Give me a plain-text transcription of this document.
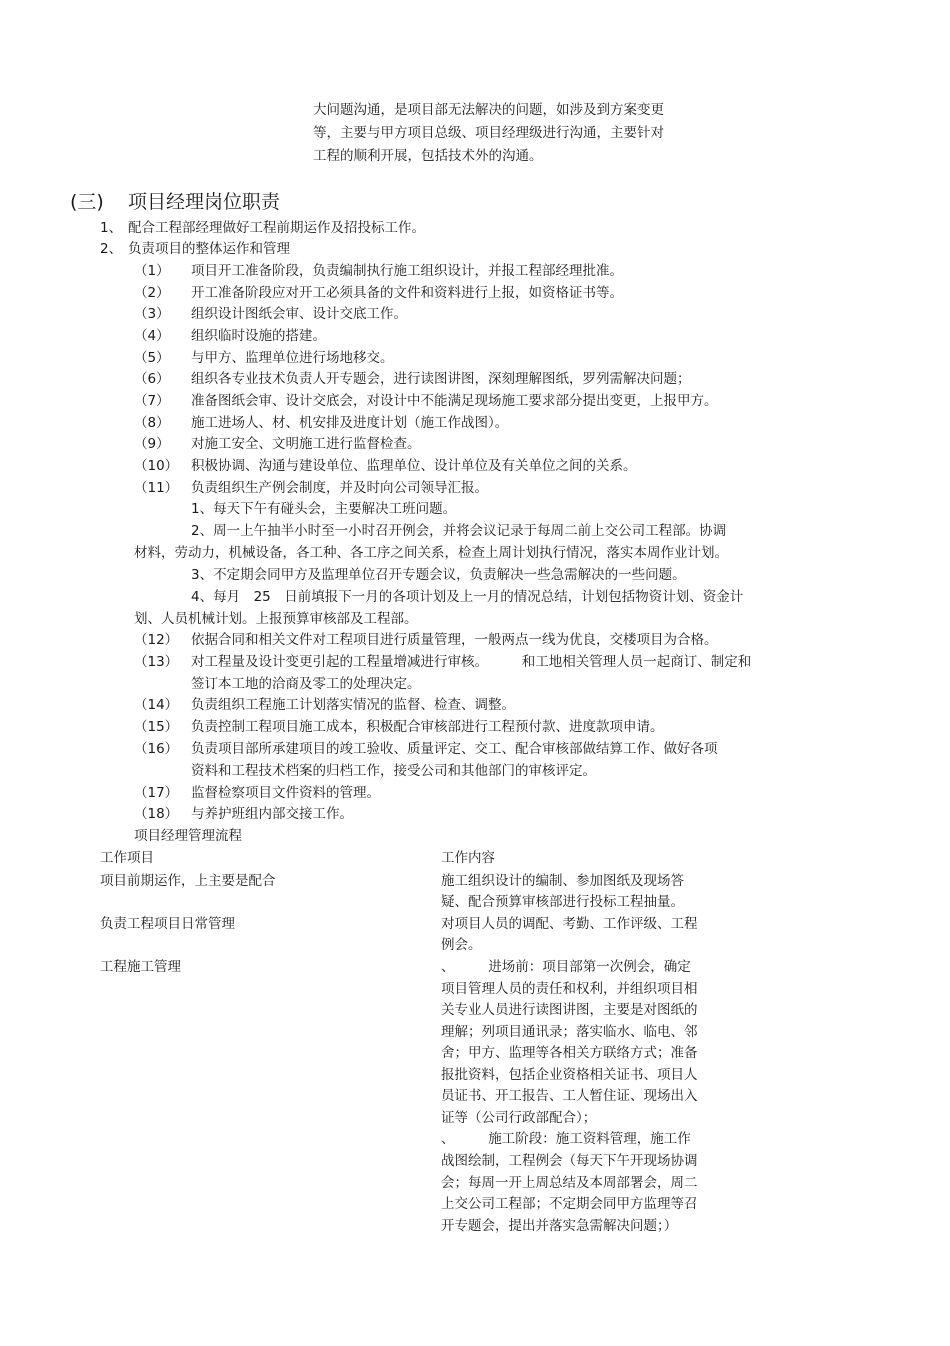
大问题沟通，是项目部无法解决的问题，如涉及到方案变更
等，主要与甲方项目总级、项目经理级进行沟通，主要针对
工程的顺利开展，包括技术外的沟通。
(三) 项目经理岗位职责
1、 配合工程部经理做好工程前期运作及招投标工作。
2、 负责项目的整体运作和管理
（1） 项目开工准备阶段，负责编制执行施工组织设计，并报工程部经理批准。
（2） 开工准备阶段应对开工必须具备的文件和资料进行上报，如资格证书等。
（3） 组织设计图纸会审、设计交底工作。
（4） 组织临时设施的搭建。
（5） 与甲方、监理单位进行场地移交。
（6） 组织各专业技术负责人开专题会，进行读图讲图，深刻理解图纸，罗列需解决问题；
（7） 准备图纸会审、设计交底会，对设计中不能满足现场施工要求部分提出变更，上报甲方。
（8） 施工进场人、材、机安排及进度计划（施工作战图）。
（9） 对施工安全、文明施工进行监督检查。
（10） 积极协调、沟通与建设单位、监理单位、设计单位及有关单位之间的关系。
（11） 负责组织生产例会制度，并及时向公司领导汇报。
1、每天下午有碰头会，主要解决工班问题。
2、周一上午抽半小时至一小时召开例会，并将会议记录于每周二前上交公司工程部。协调
材料，劳动力，机械设备，各工种、各工序之间关系，检查上周计划执行情况，落实本周作业计划。
3、不定期会同甲方及监理单位召开专题会议，负责解决一些急需解决的一些问题。
4、每月　25　日前填报下一月的各项计划及上一月的情况总结，计划包括物资计划、资金计
划、人员机械计划。上报预算审核部及工程部。
（12） 依据合同和相关文件对工程项目进行质量管理，一般两点一线为优良，交楼项目为合格。
（13） 对工程量及设计变更引起的工程量增减进行审核。　　　和工地相关管理人员一起商订、制定和
签订本工地的洽商及零工的处理决定。
（14） 负责组织工程施工计划落实情况的监督、检查、调整。
（15） 负责控制工程项目施工成本，积极配合审核部进行工程预付款、进度款项申请。
（16） 负责项目部所承建项目的竣工验收、质量评定、交工、配合审核部做结算工作、做好各项
资料和工程技术档案的归档工作，接受公司和其他部门的审核评定。
（17） 监督检察项目文件资料的管理。
（18） 与养护班组内部交接工作。
项目经理管理流程
工作项目	工作内容
项目前期运作，上主要是配合	施工组织设计的编制、参加图纸及现场答
疑、配合预算审核部进行投标工程抽量。
负责工程项目日常管理	对项目人员的调配、考勤、工作评级、工程
例会。
工程施工管理	、　　　进场前：项目部第一次例会，确定
项目管理人员的责任和权利，并组织项目相
关专业人员进行读图讲图，主要是对图纸的
理解；列项目通讯录；落实临水、临电、邻
舍；甲方、监理等各相关方联络方式；准备
报批资料，包括企业资格相关证书、项目人
员证书、开工报告、工人暂住证、现场出入
证等（公司行政部配合）；
、　　　施工阶段：施工资料管理，施工作
战图绘制，工程例会（每天下午开现场协调
会；每周一开上周总结及本周部署会，周二
上交公司工程部；不定期会同甲方监理等召
开专题会，提出并落实急需解决问题；）
